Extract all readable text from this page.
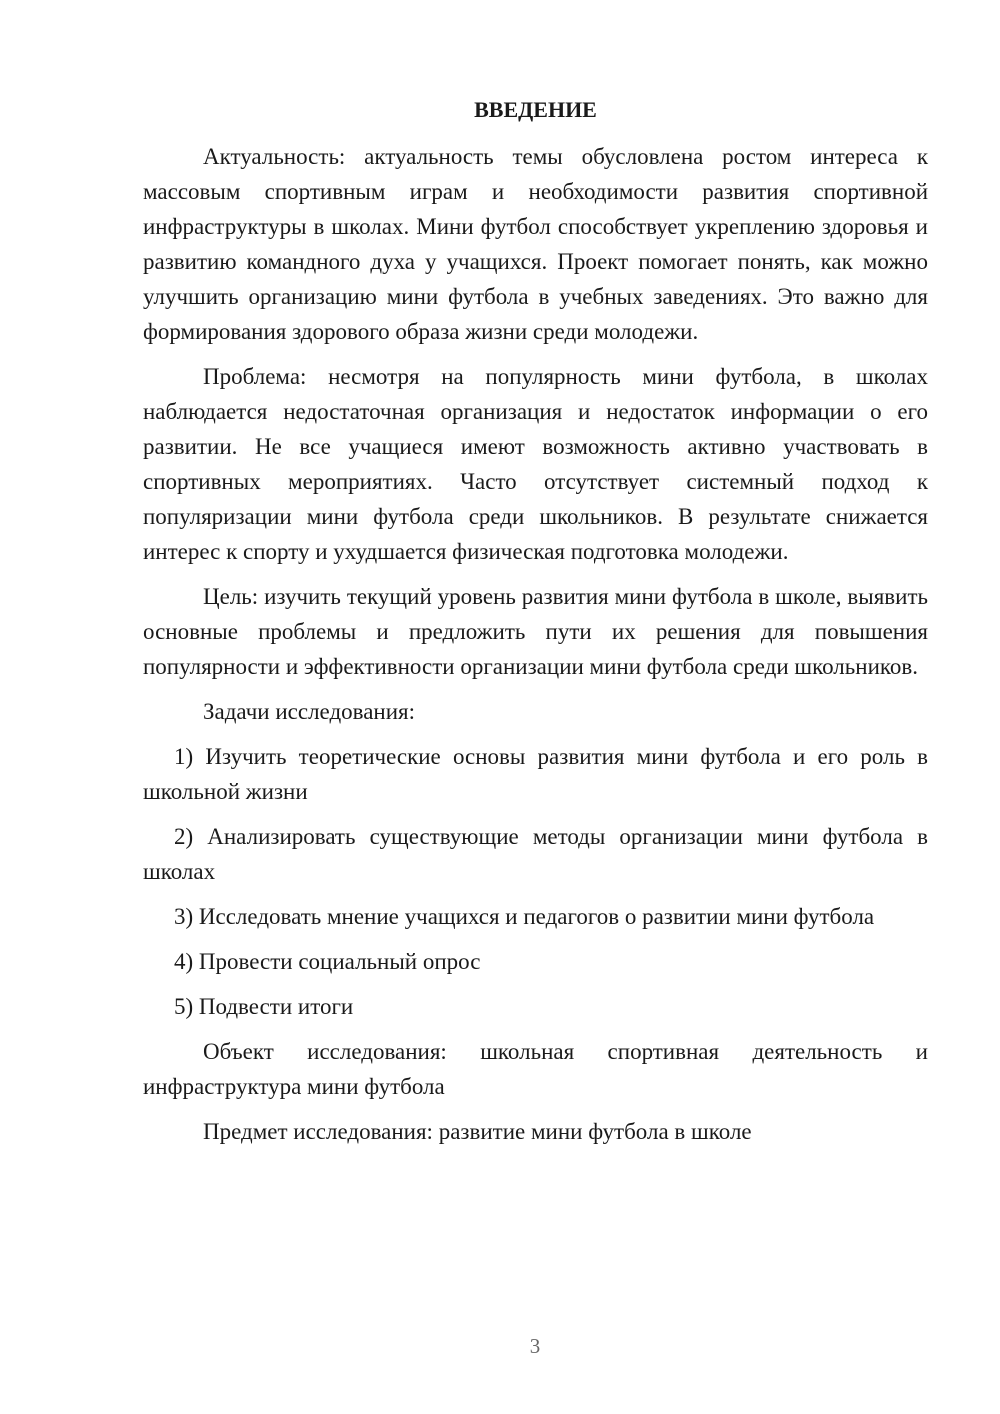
ВВЕДЕНИЕ

Актуальность: актуальность темы обусловлена ростом интереса к массовым спортивным играм и необходимости развития спортивной инфраструктуры в школах. Мини футбол способствует укреплению здоровья и развитию командного духа у учащихся. Проект помогает понять, как можно улучшить организацию мини футбола в учебных заведениях. Это важно для формирования здорового образа жизни среди молодежи.

Проблема: несмотря на популярность мини футбола, в школах наблюдается недостаточная организация и недостаток информации о его развитии. Не все учащиеся имеют возможность активно участвовать в спортивных мероприятиях. Часто отсутствует системный подход к популяризации мини футбола среди школьников. В результате снижается интерес к спорту и ухудшается физическая подготовка молодежи.

Цель: изучить текущий уровень развития мини футбола в школе, выявить основные проблемы и предложить пути их решения для повышения популярности и эффективности организации мини футбола среди школьников.

Задачи исследования:

1) Изучить теоретические основы развития мини футбола и его роль в школьной жизни

2) Анализировать существующие методы организации мини футбола в школах

3) Исследовать мнение учащихся и педагогов о развитии мини футбола

4) Провести социальный опрос

5) Подвести итоги

Объект исследования: школьная спортивная деятельность и инфраструктура мини футбола

Предмет исследования: развитие мини футбола в школе

3
